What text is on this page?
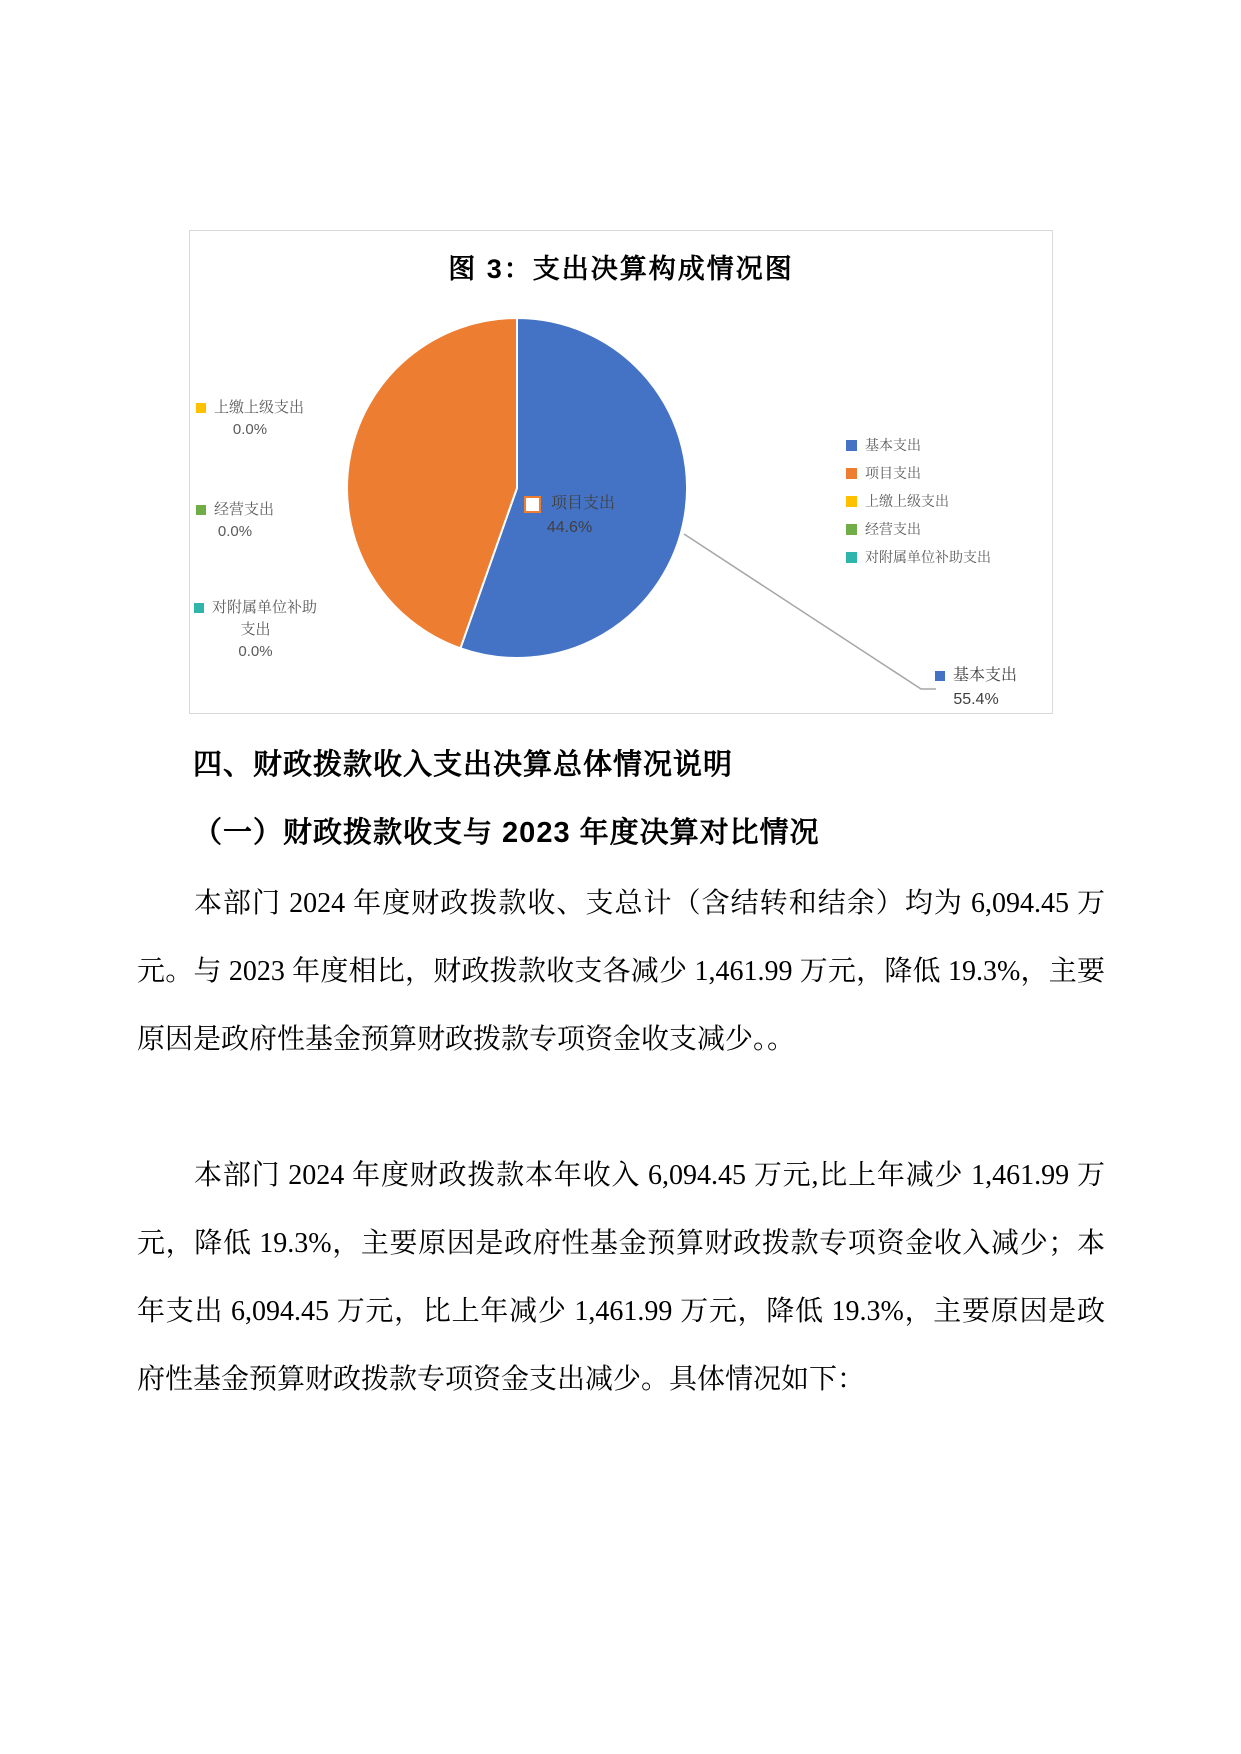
图 3：支出决算构成情况图
上缴上级支出
0.0%
经营支出
0.0%
对附属单位补助
支出
0.0%
项目支出
44.6%
基本支出
55.4%
基本支出
项目支出
上缴上级支出
经营支出
对附属单位补助支出
四、财政拨款收入支出决算总体情况说明
（一）财政拨款收支与 2023 年度决算对比情况
本部门 2024 年度财政拨款收、支总计（含结转和结余）均为 6,094.45 万元。与 2023 年度相比，财政拨款收支各减少 1,461.99 万元，降低 19.3%，主要原因是政府性基金预算财政拨款专项资金收支减少。。
本部门 2024 年度财政拨款本年收入 6,094.45 万元,比上年减少 1,461.99 万元，降低 19.3%，主要原因是政府性基金预算财政拨款专项资金收入减少；本年支出 6,094.45 万元，比上年减少 1,461.99 万元，降低 19.3%，主要原因是政府性基金预算财政拨款专项资金支出减少。具体情况如下：
